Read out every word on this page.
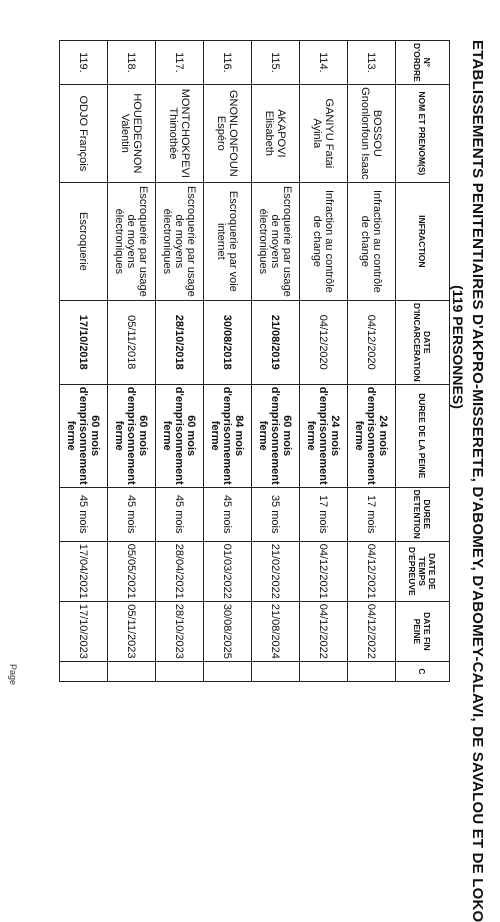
ETABLISSEMENTS PENITENTIAIRES D'AKPRO-MISSERETE, D'ABOMEY, D'ABOMEY-CALAVI, DE SAVALOU ET DE LOKO
(119 PERSONNES)
N° D'ORDRE	NOM ET PRENOM(S)	INFRACTION	DATE D'INCARCERATION	DUREE DE LA PEINE	DUREE DETENTION	DATE DE TEMPS D'EPREUVE	DATE FIN PEINE	C
113.	BOSSOU Gnonlonfoun Isaac	Infraction au contrôle de change	04/12/2020	24 mois d'emprisonnement ferme	17 mois	04/12/2021	04/12/2022	
114.	GANIYU Fatai Ayinla	Infraction au contrôle de change	04/12/2020	24 mois d'emprisonnement ferme	17 mois	04/12/2021	04/12/2022	
115.	AKAPOVI Elisabeth	Escroquerie par usage de moyens électroniques	21/08/2019	60 mois d'emprisonnement ferme	35 mois	21/02/2022	21/08/2024	
116.	GNONLONFOUN Espéro	Escroquerie par voie internet	30/08/2018	84 mois d'emprisonnement ferme	45 mois	01/03/2022	30/08/2025	
117.	MONTCHOKPEVI Thimothée	Escroquerie par usage de moyens électroniques	28/10/2018	60 mois d'emprisonnement ferme	45 mois	28/04/2021	28/10/2023	
118.	HOUEDEGNON Valentin	Escroquerie par usage de moyens électroniques	05/11/2018	60 mois d'emprisonnement ferme	45 mois	05/05/2021	05/11/2023	
119.	ODJO François	Escroquerie	17/10/2018	60 mois d'emprisonnement ferme	45 mois	17/04/2021	17/10/2023	
Page
